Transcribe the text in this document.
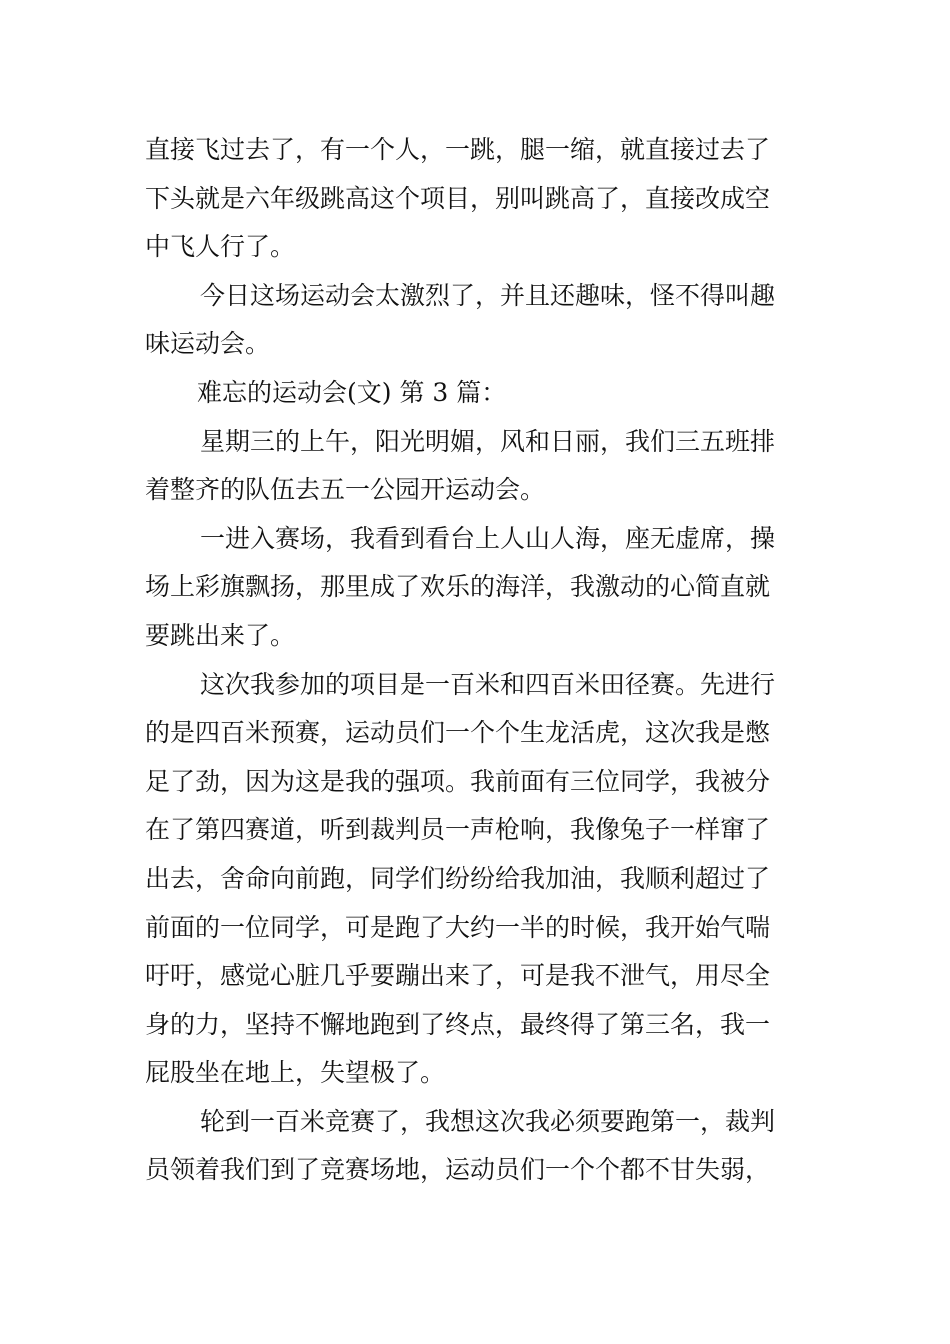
直接飞过去了，有一个人，一跳，腿一缩，就直接过去了
下头就是六年级跳高这个项目，别叫跳高了，直接改成空
中飞人行了。
今日这场运动会太激烈了，并且还趣味，怪不得叫趣
味运动会。
难忘的运动会(文) 第 3 篇：
星期三的上午，阳光明媚，风和日丽，我们三五班排
着整齐的队伍去五一公园开运动会。
一进入赛场，我看到看台上人山人海，座无虚席，操
场上彩旗飘扬，那里成了欢乐的海洋，我激动的心简直就
要跳出来了。
这次我参加的项目是一百米和四百米田径赛。先进行
的是四百米预赛，运动员们一个个生龙活虎，这次我是憋
足了劲，因为这是我的强项。我前面有三位同学，我被分
在了第四赛道，听到裁判员一声枪响，我像兔子一样窜了
出去，舍命向前跑，同学们纷纷给我加油，我顺利超过了
前面的一位同学，可是跑了大约一半的时候，我开始气喘
吁吁，感觉心脏几乎要蹦出来了，可是我不泄气，用尽全
身的力，坚持不懈地跑到了终点，最终得了第三名，我一
屁股坐在地上，失望极了。
轮到一百米竞赛了，我想这次我必须要跑第一，裁判
员领着我们到了竞赛场地，运动员们一个个都不甘失弱，
